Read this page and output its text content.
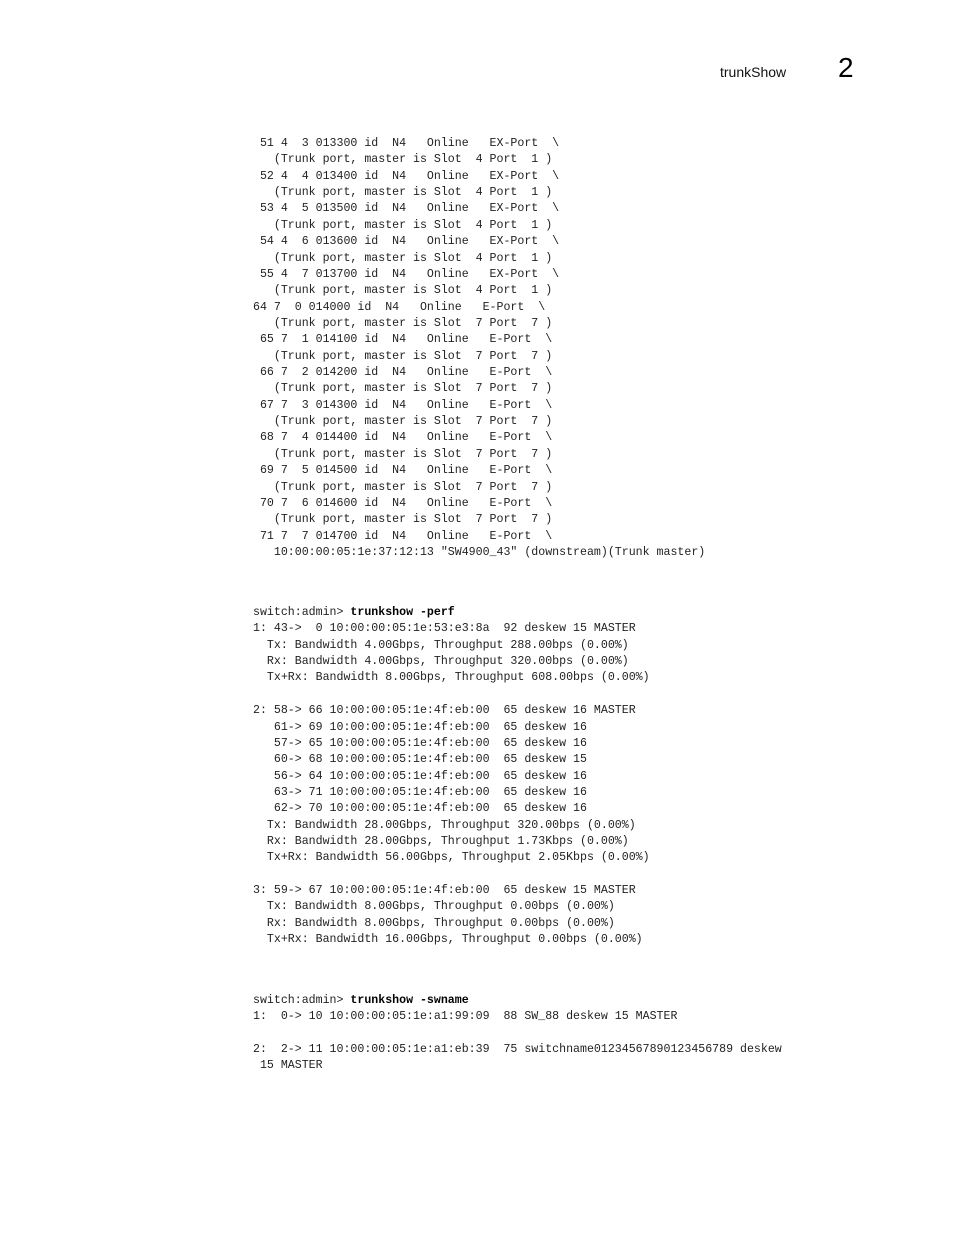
trunkShow 2
51 4  3 013300 id  N4   Online   EX-Port  \
(Trunk port, master is Slot  4 Port  1 )
52 4  4 013400 id  N4   Online   EX-Port  \
(Trunk port, master is Slot  4 Port  1 )
53 4  5 013500 id  N4   Online   EX-Port  \
(Trunk port, master is Slot  4 Port  1 )
54 4  6 013600 id  N4   Online   EX-Port  \
(Trunk port, master is Slot  4 Port  1 )
55 4  7 013700 id  N4   Online   EX-Port  \
(Trunk port, master is Slot  4 Port  1 )
64 7  0 014000 id  N4   Online   E-Port  \
(Trunk port, master is Slot  7 Port  7 )
65 7  1 014100 id  N4   Online   E-Port  \
(Trunk port, master is Slot  7 Port  7 )
66 7  2 014200 id  N4   Online   E-Port  \
(Trunk port, master is Slot  7 Port  7 )
67 7  3 014300 id  N4   Online   E-Port  \
(Trunk port, master is Slot  7 Port  7 )
68 7  4 014400 id  N4   Online   E-Port  \
(Trunk port, master is Slot  7 Port  7 )
69 7  5 014500 id  N4   Online   E-Port  \
(Trunk port, master is Slot  7 Port  7 )
70 7  6 014600 id  N4   Online   E-Port  \
(Trunk port, master is Slot  7 Port  7 )
71 7  7 014700 id  N4   Online   E-Port  \
10:00:00:05:1e:37:12:13 "SW4900_43" (downstream)(Trunk master)
switch:admin> trunkshow -perf
1: 43->  0 10:00:00:05:1e:53:e3:8a  92 deskew 15 MASTER
Tx: Bandwidth 4.00Gbps, Throughput 288.00bps (0.00%)
Rx: Bandwidth 4.00Gbps, Throughput 320.00bps (0.00%)
Tx+Rx: Bandwidth 8.00Gbps, Throughput 608.00bps (0.00%)
2: 58-> 66 10:00:00:05:1e:4f:eb:00  65 deskew 16 MASTER
61-> 69 10:00:00:05:1e:4f:eb:00  65 deskew 16
57-> 65 10:00:00:05:1e:4f:eb:00  65 deskew 16
60-> 68 10:00:00:05:1e:4f:eb:00  65 deskew 15
56-> 64 10:00:00:05:1e:4f:eb:00  65 deskew 16
63-> 71 10:00:00:05:1e:4f:eb:00  65 deskew 16
62-> 70 10:00:00:05:1e:4f:eb:00  65 deskew 16
Tx: Bandwidth 28.00Gbps, Throughput 320.00bps (0.00%)
Rx: Bandwidth 28.00Gbps, Throughput 1.73Kbps (0.00%)
Tx+Rx: Bandwidth 56.00Gbps, Throughput 2.05Kbps (0.00%)
3: 59-> 67 10:00:00:05:1e:4f:eb:00  65 deskew 15 MASTER
Tx: Bandwidth 8.00Gbps, Throughput 0.00bps (0.00%)
Rx: Bandwidth 8.00Gbps, Throughput 0.00bps (0.00%)
Tx+Rx: Bandwidth 16.00Gbps, Throughput 0.00bps (0.00%)
switch:admin> trunkshow -swname
1:  0-> 10 10:00:00:05:1e:a1:99:09  88 SW_88 deskew 15 MASTER
2:  2-> 11 10:00:00:05:1e:a1:eb:39  75 switchname01234567890123456789 deskew
15 MASTER
